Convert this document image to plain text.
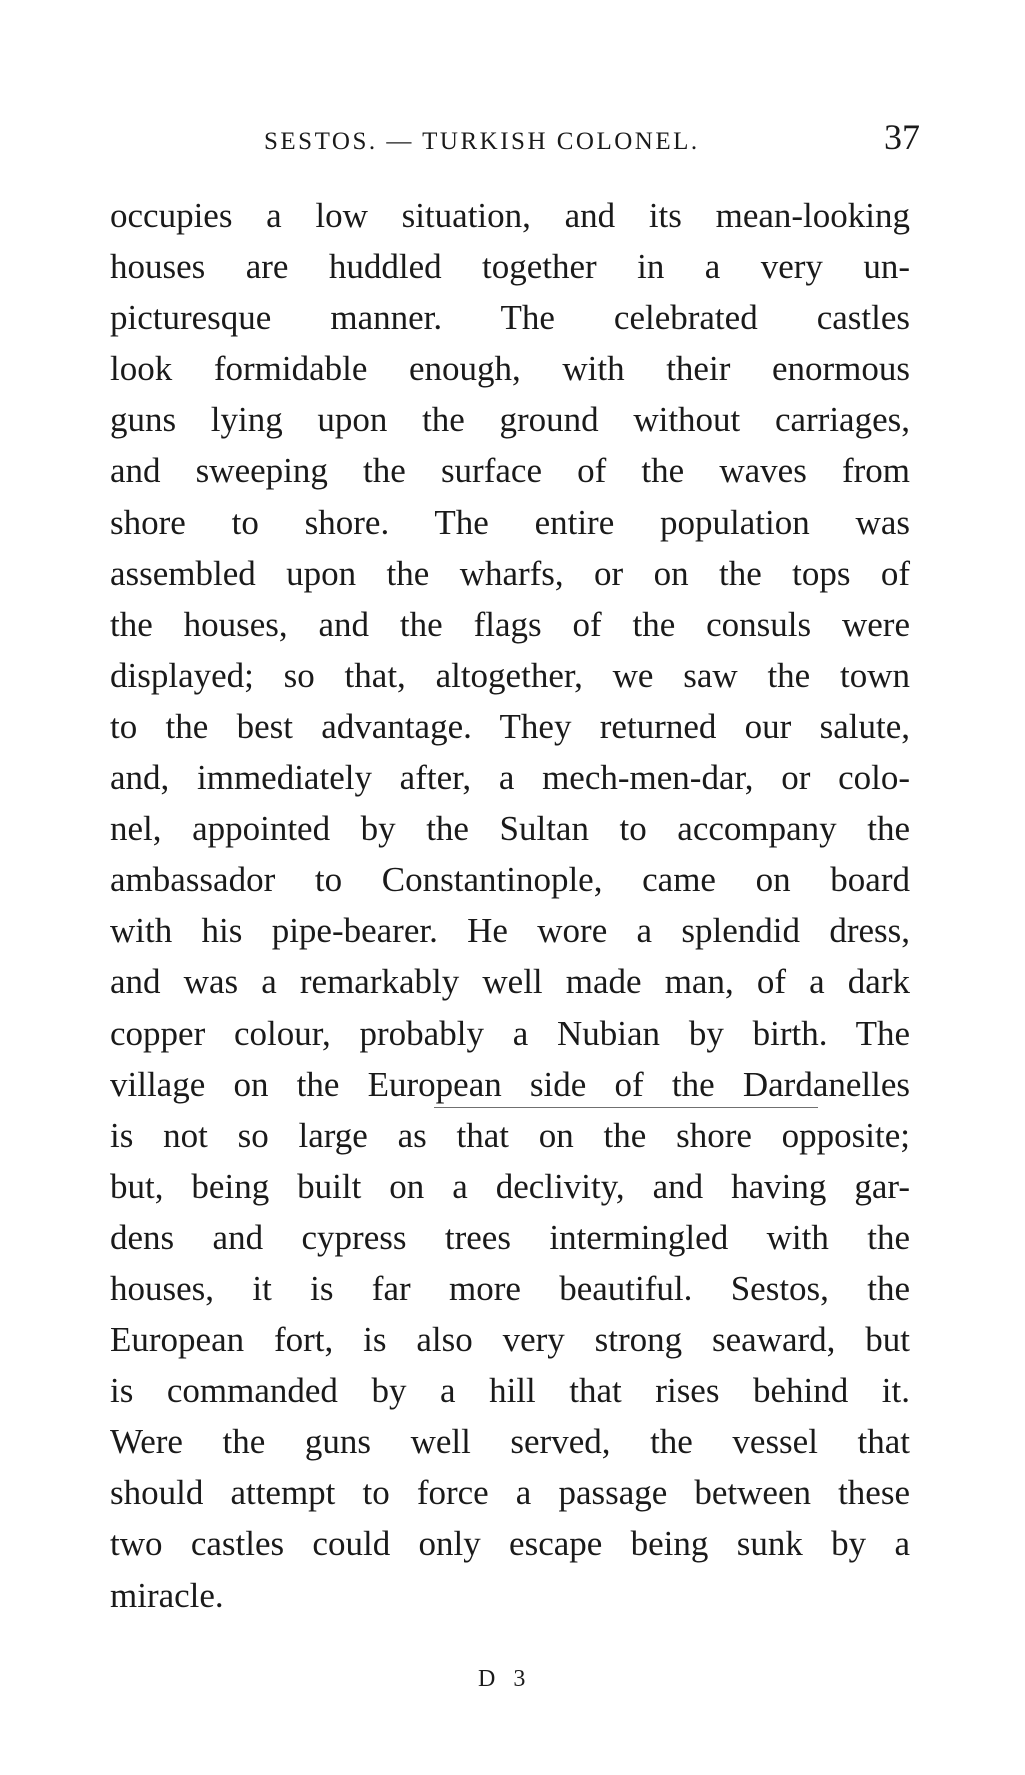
SESTOS. — TURKISH COLONEL.	37
occupies a low situation, and its mean-looking
houses are huddled together in a very un-
picturesque manner. The celebrated castles
look formidable enough, with their enormous
guns lying upon the ground without carriages,
and sweeping the surface of the waves from
shore to shore. The entire population was
assembled upon the wharfs, or on the tops of
the houses, and the flags of the consuls were
displayed; so that, altogether, we saw the town
to the best advantage. They returned our salute,
and, immediately after, a mech-men-dar, or colo-
nel, appointed by the Sultan to accompany the
ambassador to Constantinople, came on board
with his pipe-bearer. He wore a splendid dress,
and was a remarkably well made man, of a dark
copper colour, probably a Nubian by birth. The
village on the European side of the Dardanelles
is not so large as that on the shore opposite;
but, being built on a declivity, and having gar-
dens and cypress trees intermingled with the
houses, it is far more beautiful. Sestos, the
European fort, is also very strong seaward, but
is commanded by a hill that rises behind it.
Were the guns well served, the vessel that
should attempt to force a passage between these
two castles could only escape being sunk by a
miracle.
D 3
